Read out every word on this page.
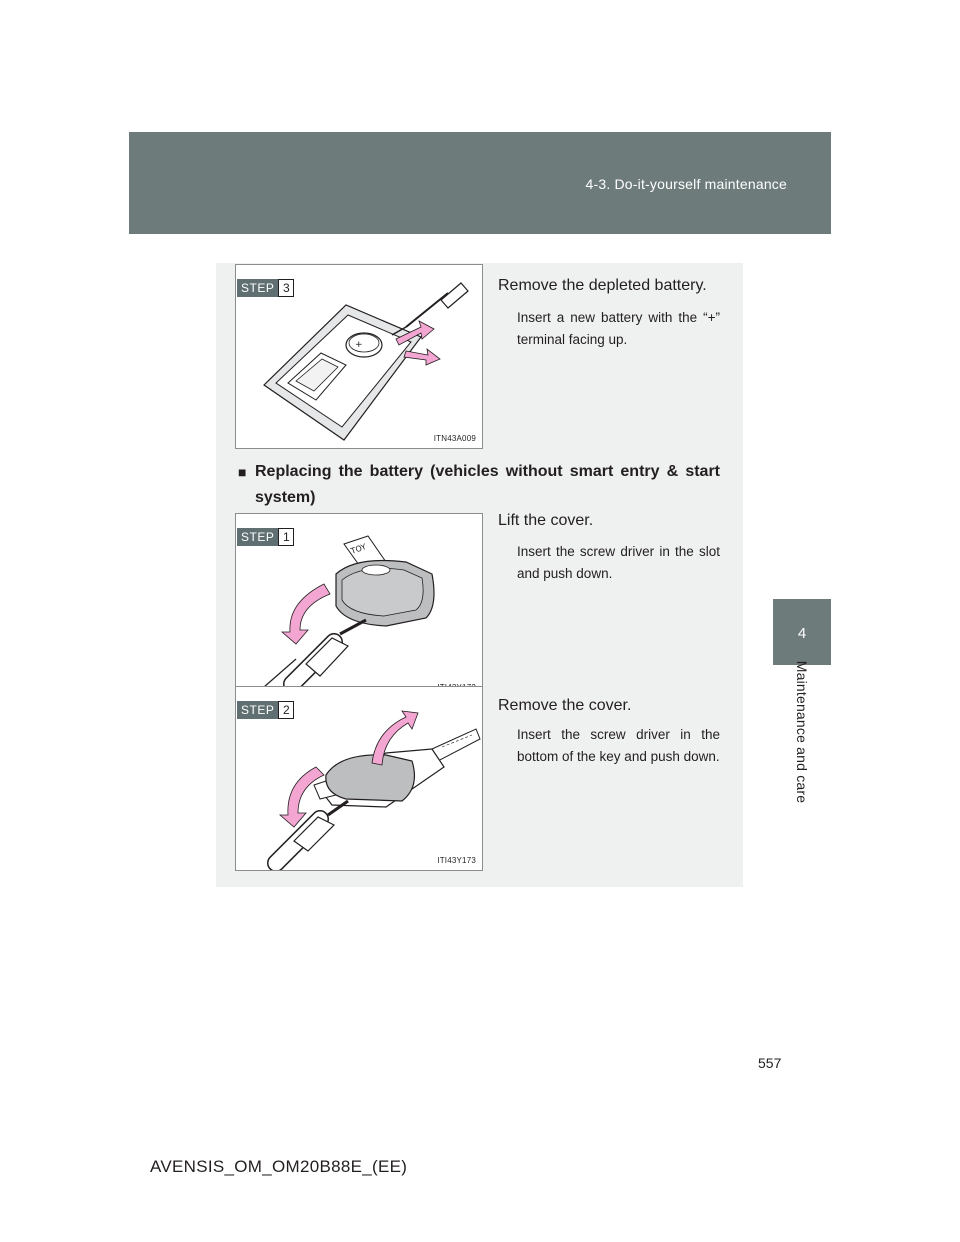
4-3. Do-it-yourself maintenance
4
Maintenance and care
+
STEP 3
ITN43A009
Remove the depleted battery.
Insert a new battery with the “+” terminal facing up.
■ Replacing the battery (vehicles without smart entry & start
system)
TOY
STEP 1
Lift the cover.
Insert the screw driver in the slot and push down.
STEP 2
ITI43Y173
Remove the cover.
Insert the screw driver in the bottom of the key and push down.
557
AVENSIS_OM_OM20B88E_(EE)
